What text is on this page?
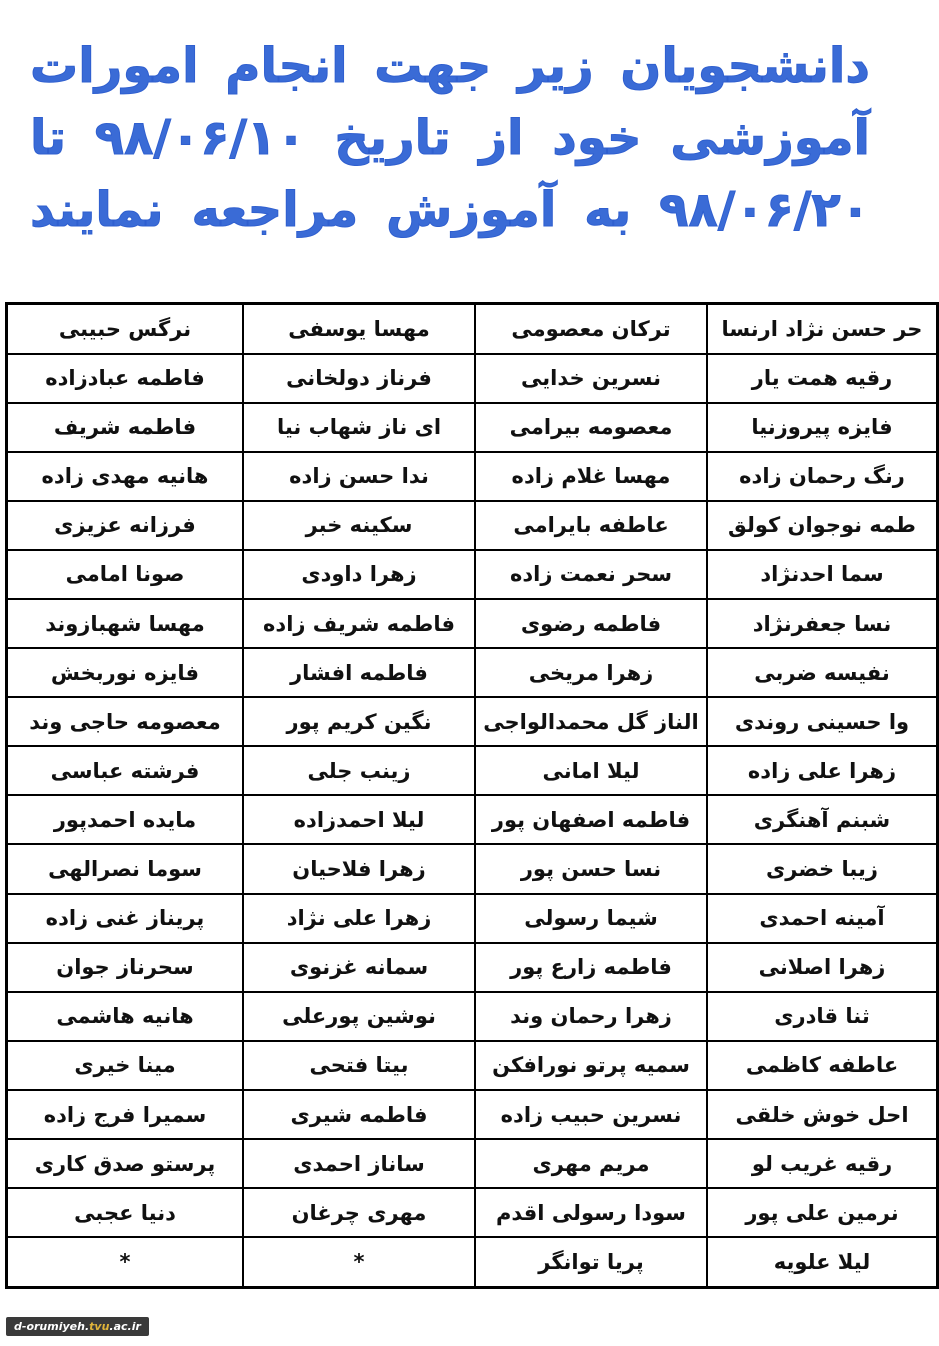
دانشجویان زیر جهت انجام امورات
آموزشی خود از تاریخ ۹۸/۰۶/۱۰ تا
۹۸/۰۶/۲۰ به آموزش مراجعه نمایند
حر حسن نژاد ارنسا	ترکان معصومی	مهسا یوسفی	نرگس حبیبی
رقیه همت یار	نسرین خدایی	فرناز دولخانی	فاطمه عبادزاده
فایزه پیروزنیا	معصومه بیرامی	ای ناز شهاب نیا	فاطمه شریف
رنگ رحمان زاده	مهسا غلام زاده	ندا حسن زاده	هانیه مهدی زاده
طمه نوجوان کولق	عاطفه بایرامی	سکینه خبر	فرزانه عزیزی
سما احدنژاد	سحر نعمت زاده	زهرا داودی	صونا امامی
نسا جعفرنژاد	فاطمه رضوی	فاطمه شریف زاده	مهسا شهبازوند
نفیسه ضربی	زهرا مریخی	فاطمه افشار	فایزه نوربخش
وا حسینی روندی	الناز گل محمدالواجی	نگین کریم پور	معصومه حاجی وند
زهرا علی زاده	لیلا امانی	زینب جلی	فرشته عباسی
شبنم آهنگری	فاطمه اصفهان پور	لیلا احمدزاده	مایده احمدپور
زیبا خضری	نسا حسن پور	زهرا فلاحیان	سوما نصرالهی
آمینه احمدی	شیما رسولی	زهرا علی نژاد	پریناز غنی زاده
زهرا اصلانی	فاطمه زارع پور	سمانه غزنوی	سحرناز جوان
ثنا قادری	زهرا رحمان وند	نوشین پورعلی	هانیه هاشمی
عاطفه کاظمی	سمیه پرتو نورافکن	بیتا فتحی	مینا خیری
احل خوش خلقی	نسرین حبیب زاده	فاطمه شیری	سمیرا فرج زاده
رقیه غریب لو	مریم مهری	ساناز احمدی	پرستو صدق کاری
نرمین علی پور	سودا رسولی اقدم	مهری چرغان	دنیا عجبی
لیلا علویه	پریا توانگر	*	*
d-orumiyeh.tvu.ac.ir
